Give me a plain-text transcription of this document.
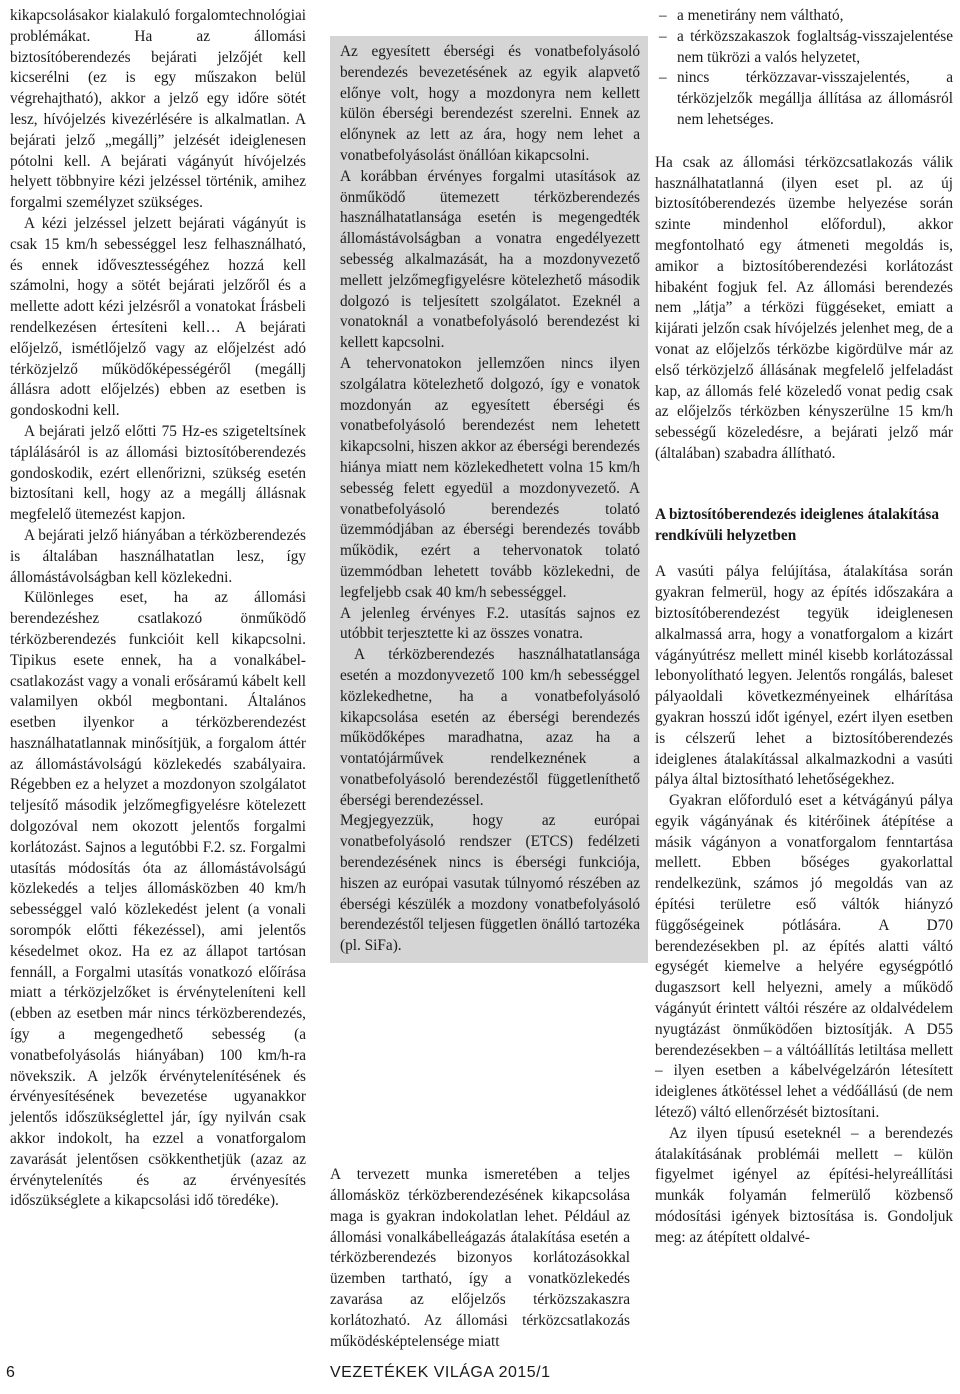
kikapcsolásakor kialakuló forgalomtechnológiai problémákat. Ha az állomási biztosítóberendezés bejárati jelzőjét kell kicserélni (ez is egy műszakon belül végrehajtható), akkor a jelző egy időre sötét lesz, hívójelzés kivezérlésére is alkalmatlan. A bejárati jelző „megállj” jelzését ideiglenesen pótolni kell. A bejárati vágányút hívójelzés helyett többnyire kézi jelzéssel történik, amihez forgalmi személyzet szükséges.

A kézi jelzéssel jelzett bejárati vágányút is csak 15 km/h sebességgel lesz felhasználható, és ennek idővesztességéhez hozzá kell számolni, hogy a sötét bejárati jelzőről és a mellette adott kézi jelzésről a vonatokat Írásbeli rendelkezésen értesíteni kell… A bejárati előjelző, ismétlőjelző vagy az előjelzést adó térközjelző működőképességéről (megállj állásra adott előjelzés) ebben az esetben is gondoskodni kell.

A bejárati jelző előtti 75 Hz-es szigeteltsínek táplálásáról is az állomási biztosítóberendezés gondoskodik, ezért ellenőrizni, szükség esetén biztosítani kell, hogy az a megállj állásnak megfelelő ütemezést kapjon.

A bejárati jelző hiányában a térközberendezés is általában használhatatlan lesz, így állomástávolságban kell közlekedni.

Különleges eset, ha az állomási berendezéshez csatlakozó önműködő térközberendezés funkcióit kell kikapcsolni. Tipikus esete ennek, ha a vonalkábel-csatlakozást vagy a vonali erősáramú kábelt kell valamilyen okból megbontani. Általános esetben ilyenkor a térközberendezést használhatatlannak minősítjük, a forgalom áttér az állomástávolságú közlekedés szabályaira. Régebben ez a helyzet a mozdonyon szolgálatot teljesítő második jelzőmegfigyelésre kötelezett dolgozóval nem okozott jelentős forgalmi korlátozást. Sajnos a legutóbbi F.2. sz. Forgalmi utasítás módosítás óta az állomástávolságú közlekedés a teljes állomásközben 40 km/h sebességgel való közlekedést jelent (a vonali sorompók előtti fékezéssel), ami jelentős késedelmet okoz. Ha ez az állapot tartósan fennáll, a Forgalmi utasítás vonatkozó előírása miatt a térközjelzőket is érvényteleníteni kell (ebben az esetben már nincs térközberendezés, így a megengedhető sebesség (a vonatbefolyásolás hiányában) 100 km/h-ra növekszik. A jelzők érvénytelenítésének és érvényesítésének bevezetése ugyanakkor jelentős időszükséglettel jár, így nyilván csak akkor indokolt, ha ezzel a vonatforgalom zavarását jelentősen csökkenthetjük (azaz az érvénytelenítés és az érvényesítés időszükséglete a kikapcsolási idő töredéke).

Az egyesített éberségi és vonatbefolyásoló berendezés bevezetésének az egyik alapvető előnye volt, hogy a mozdonyra nem kellett külön éberségi berendezést szerelni. Ennek az előnynek az lett az ára, hogy nem lehet a vonatbefolyásolást önállóan kikapcsolni.

A korábban érvényes forgalmi utasítások az önműködő ütemezett térközberendezés használhatatlansága esetén is megengedték állomástávolságban a vonatra engedélyezett sebesség alkalmazását, ha a mozdonyvezető mellett jelzőmegfigyelésre kötelezhető második dolgozó is teljesített szolgálatot. Ezeknél a vonatoknál a vonatbefolyásoló berendezést ki kellett kapcsolni.

A tehervonatokon jellemzően nincs ilyen szolgálatra kötelezhető dolgozó, így e vonatok mozdonyán az egyesített éberségi és vonatbefolyásoló berendezést nem lehetett kikapcsolni, hiszen akkor az éberségi berendezés hiánya miatt nem közlekedhetett volna 15 km/h sebesség felett egyedül a mozdonyvezető. A vonatbefolyásoló berendezés tolató üzemmódjában az éberségi berendezés tovább működik, ezért a tehervonatok tolató üzemmódban lehetett tovább közlekedni, de legfeljebb csak 40 km/h sebességgel.

A jelenleg érvényes F.2. utasítás sajnos ez utóbbit terjesztette ki az összes vonatra.

A térközberendezés használhatatlansága esetén a mozdonyvezető 100 km/h sebességgel közlekedhetne, ha a vonatbefolyásoló kikapcsolása esetén az éberségi berendezés működőképes maradhatna, azaz ha a vontatójárművek rendelkeznének a vonatbefolyásoló berendezéstől függetleníthető éberségi berendezéssel.

Megjegyezzük, hogy az európai vonatbefolyásoló rendszer (ETCS) fedélzeti berendezésének nincs is éberségi funkciója, hiszen az európai vasutak túlnyomó részében az éberségi készülék a mozdony vonatbefolyásoló berendezéstől teljesen független önálló tartozéka (pl. SiFa).

A tervezett munka ismeretében a teljes állomásköz térközberendezésének kikapcsolása maga is gyakran indokolatlan lehet. Például az állomási vonalkábelleágazás átalakítása esetén a térközberendezés bizonyos korlátozásokkal üzemben tartható, így a vonatközlekedés zavarása az előjelzős térközszakaszra korlátozható. Az állomási térközcsatlakozás működésképtelensége miatt

– a menetirány nem váltható,
– a térközszakaszok foglaltság-visszajelentése nem tükrözi a valós helyzetet,
– nincs térközzavar-visszajelentés, a térközjelzők megállja állítása az állomásról nem lehetséges.

Ha csak az állomási térközcsatlakozás válik használhatatlanná (ilyen eset pl. az új biztosítóberendezés üzembe helyezése során szinte mindenhol előfordul), akkor megfontolható egy átmeneti megoldás is, amikor a biztosítóberendezési korlátozást hibaként fogjuk fel. Az állomási berendezés nem „látja” a térközi függéseket, emiatt a kijárati jelzőn csak hívójelzés jelenhet meg, de a vonat az előjelzős térközbe kigördülve már az első térközjelző állásának megfelelő jelfeladást kap, az állomás felé közeledő vonat pedig csak az előjelzős térközben kényszerülne 15 km/h sebességű közeledésre, a bejárati jelző már (általában) szabadra állítható.

A biztosítóberendezés ideiglenes átalakítása rendkívüli helyzetben

A vasúti pálya felújítása, átalakítása során gyakran felmerül, hogy az építés időszakára a biztosítóberendezést tegyük ideiglenesen alkalmassá arra, hogy a vonatforgalom a kizárt vágányútrész mellett minél kisebb korlátozással lebonyolítható legyen. Jelentős rongálás, baleset pályaoldali következményeinek elhárítása gyakran hosszú időt igényel, ezért ilyen esetben is célszerű lehet a biztosítóberendezés ideiglenes átalakítással alkalmazkodni a vasúti pálya által biztosítható lehetőségekhez.

Gyakran előforduló eset a kétvágányú pálya egyik vágányának és kitérőinek átépítése a másik vágányon a vonatforgalom fenntartása mellett. Ebben bőséges gyakorlattal rendelkezünk, számos jó megoldás van az építési területre eső váltók hiányzó függőségeinek pótlására. A D70 berendezésekben pl. az építés alatti váltó egységét kiemelve a helyére egységpótló dugaszsort kell helyezni, amely a működő vágányút érintett váltói részére az oldalvédelem nyugtázást önműködően biztosítják. A D55 berendezésekben – a váltóállítás letiltása mellett – ilyen esetben a kábelvégelzárón létesített ideiglenes átkötéssel lehet a védőállású (de nem létező) váltó ellenőrzését biztosítani.

Az ilyen típusú eseteknél – a berendezés átalakításának problémái mellett – külön figyelmet igényel az építési-helyreállítási munkák folyamán felmerülő közbenső módosítási igények biztosítása is. Gondoljuk meg: az átépített oldalvé-

6	VEZETÉKEK VILÁGA 2015/1
